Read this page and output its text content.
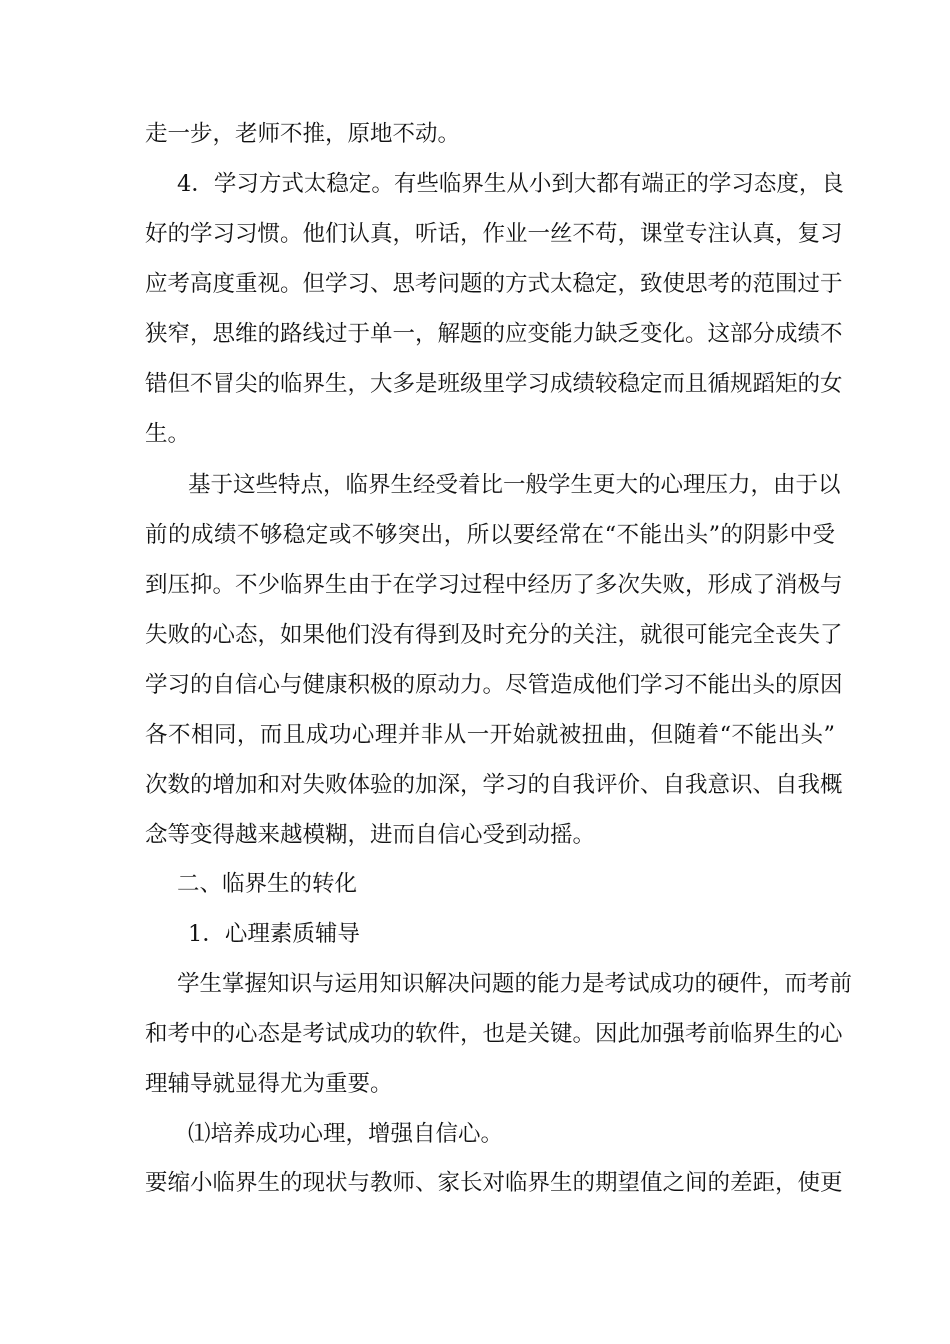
走一步，老师不推，原地不动。
4．学习方式太稳定。有些临界生从小到大都有端正的学习态度，良
好的学习习惯。他们认真，听话，作业一丝不苟，课堂专注认真，复习
应考高度重视。但学习、思考问题的方式太稳定，致使思考的范围过于
狭窄，思维的路线过于单一，解题的应变能力缺乏变化。这部分成绩不
错但不冒尖的临界生，大多是班级里学习成绩较稳定而且循规蹈矩的女
生。
基于这些特点，临界生经受着比一般学生更大的心理压力，由于以
前的成绩不够稳定或不够突出，所以要经常在“不能出头”的阴影中受
到压抑。不少临界生由于在学习过程中经历了多次失败，形成了消极与
失败的心态，如果他们没有得到及时充分的关注，就很可能完全丧失了
学习的自信心与健康积极的原动力。尽管造成他们学习不能出头的原因
各不相同，而且成功心理并非从一开始就被扭曲，但随着“不能出头”
次数的增加和对失败体验的加深，学习的自我评价、自我意识、自我概
念等变得越来越模糊，进而自信心受到动摇。
二、临界生的转化
1．心理素质辅导
学生掌握知识与运用知识解决问题的能力是考试成功的硬件，而考前
和考中的心态是考试成功的软件，也是关键。因此加强考前临界生的心
理辅导就显得尤为重要。
⑴培养成功心理，增强自信心。
要缩小临界生的现状与教师、家长对临界生的期望值之间的差距，使更
